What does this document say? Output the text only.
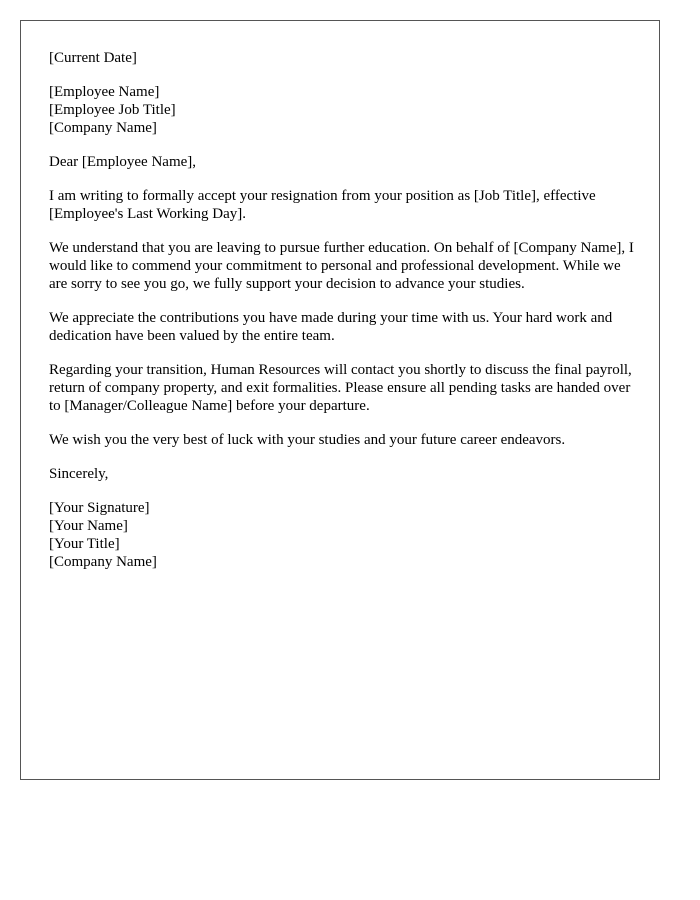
[Current Date]
[Employee Name]
[Employee Job Title]
[Company Name]

Dear [Employee Name],

I am writing to formally accept your resignation from your position as [Job Title], effective [Employee's Last Working Day].

We understand that you are leaving to pursue further education. On behalf of [Company Name], I would like to commend your commitment to personal and professional development. While we are sorry to see you go, we fully support your decision to advance your studies.

We appreciate the contributions you have made during your time with us. Your hard work and dedication have been valued by the entire team.

Regarding your transition, Human Resources will contact you shortly to discuss the final payroll, return of company property, and exit formalities. Please ensure all pending tasks are handed over to [Manager/Colleague Name] before your departure.

We wish you the very best of luck with your studies and your future career endeavors.

Sincerely,

[Your Signature]
[Your Name]
[Your Title]
[Company Name]
